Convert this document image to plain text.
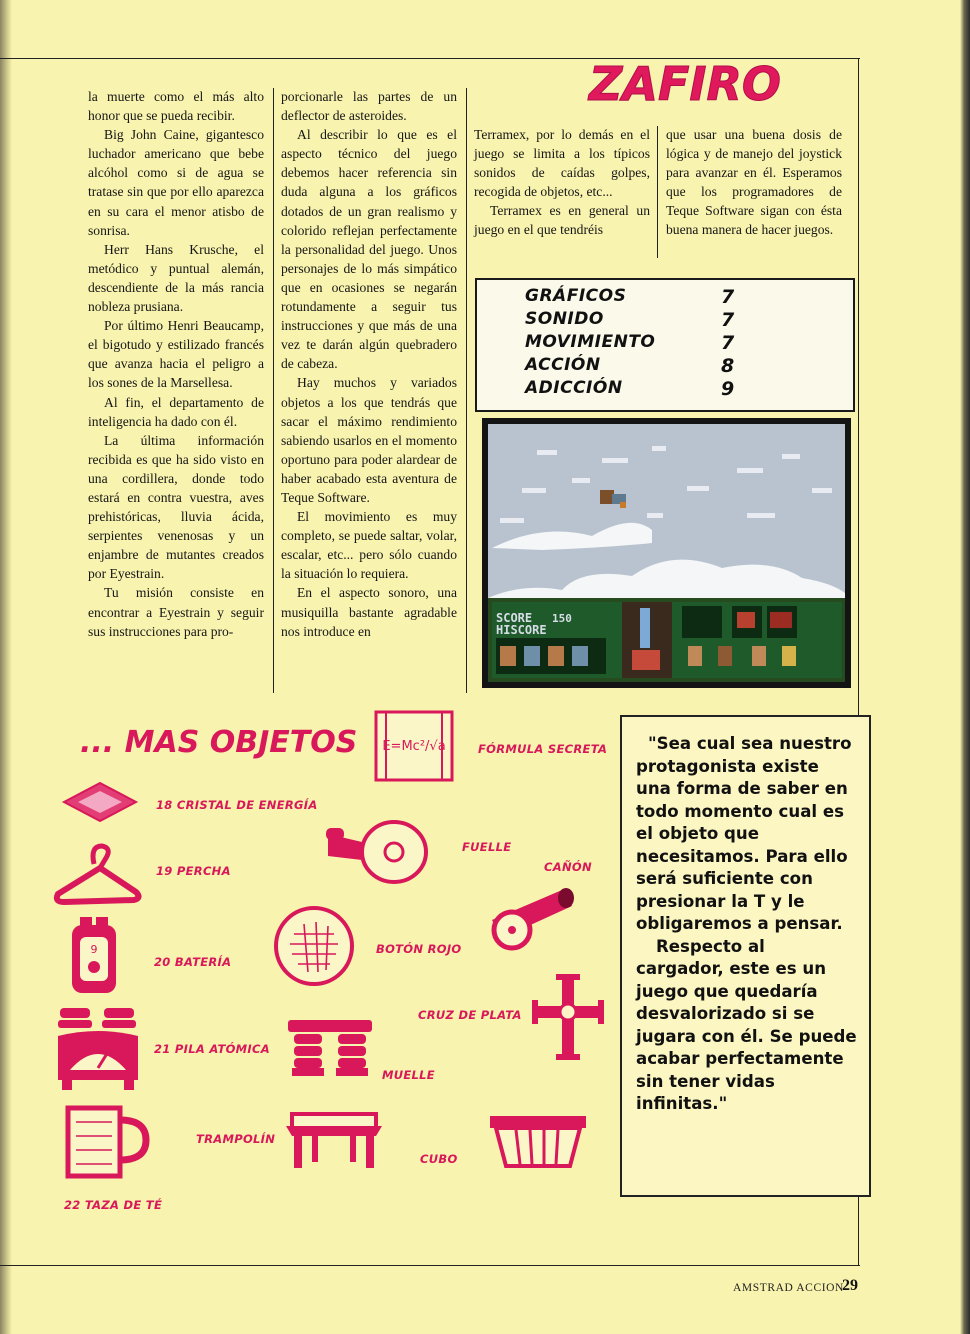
la muerte como el más alto honor que se pueda recibir.

Big John Caine, gigantesco luchador americano que bebe alcóhol como si de agua se tratase sin que por ello aparezca en su cara el menor atisbo de sonrisa.

Herr Hans Krusche, el metódico y puntual alemán, descendiente de la más rancia nobleza prusiana.

Por último Henri Beaucamp, el bigotudo y estilizado francés que avanza hacia el peligro a los sones de la Marsellesa.

Al fin, el departamento de inteligencia ha dado con él.

La última información recibida es que ha sido visto en una cordillera, donde todo estará en contra vuestra, aves prehistóricas, lluvia ácida, serpientes venenosas y un enjambre de mutantes creados por Eyestrain.

Tu misión consiste en encontrar a Eyestrain y seguir sus instrucciones para pro-

porcionarle las partes de un deflector de asteroides.

Al describir lo que es el aspecto técnico del juego debemos hacer referencia sin duda alguna a los gráficos dotados de un gran realismo y colorido reflejan perfectamente la personalidad del juego. Unos personajes de lo más simpático que en ocasiones se negarán rotundamente a seguir tus instrucciones y que más de una vez te darán algún quebradero de cabeza.

Hay muchos y variados objetos a los que tendrás que sacar el máximo rendimiento sabiendo usarlos en el momento oportuno para poder alardear de haber acabado esta aventura de Teque Software.

El movimiento es muy completo, se puede saltar, volar, escalar, etc... pero sólo cuando la situación lo requiera.

En el aspecto sonoro, una musiquilla bastante agradable nos introduce en

ZAFIRO

Terramex, por lo demás en el juego se limita a los típicos sonidos de caídas golpes, recogida de objetos, etc...

Terramex es en general un juego en el que tendréis

que usar una buena dosis de lógica y de manejo del joystick para avanzar en él. Esperamos que los programadores de Teque Software sigan con ésta buena manera de hacer juegos.

GRÁFICOS	7
SONIDO	7
MOVIMIENTO	7
ACCIÓN	8
ADICCIÓN	9
SCORE 150
HISCORE
... MAS OBJETOS E=Mc²/√a	FÓRMULA SECRETA
18 CRISTAL DE ENERGÍA
FUELLE
CAÑÓN
19 PERCHA
9
20 BATERÍA
BOTÓN ROJO
CRUZ DE PLATA
21 PILA ATÓMICA
MUELLE
22 TAZA DE TÉ
TRAMPOLÍN
CUBO

"Sea cual sea nuestro protagonista existe una forma de saber en todo momento cual es el objeto que necesitamos. Para ello será suficiente con presionar la T y le obligaremos a pensar.

Respecto al cargador, este es un juego que quedaría desvalorizado si se jugara con él. Se puede acabar perfectamente sin tener vidas infinitas."

AMSTRAD ACCION
29
